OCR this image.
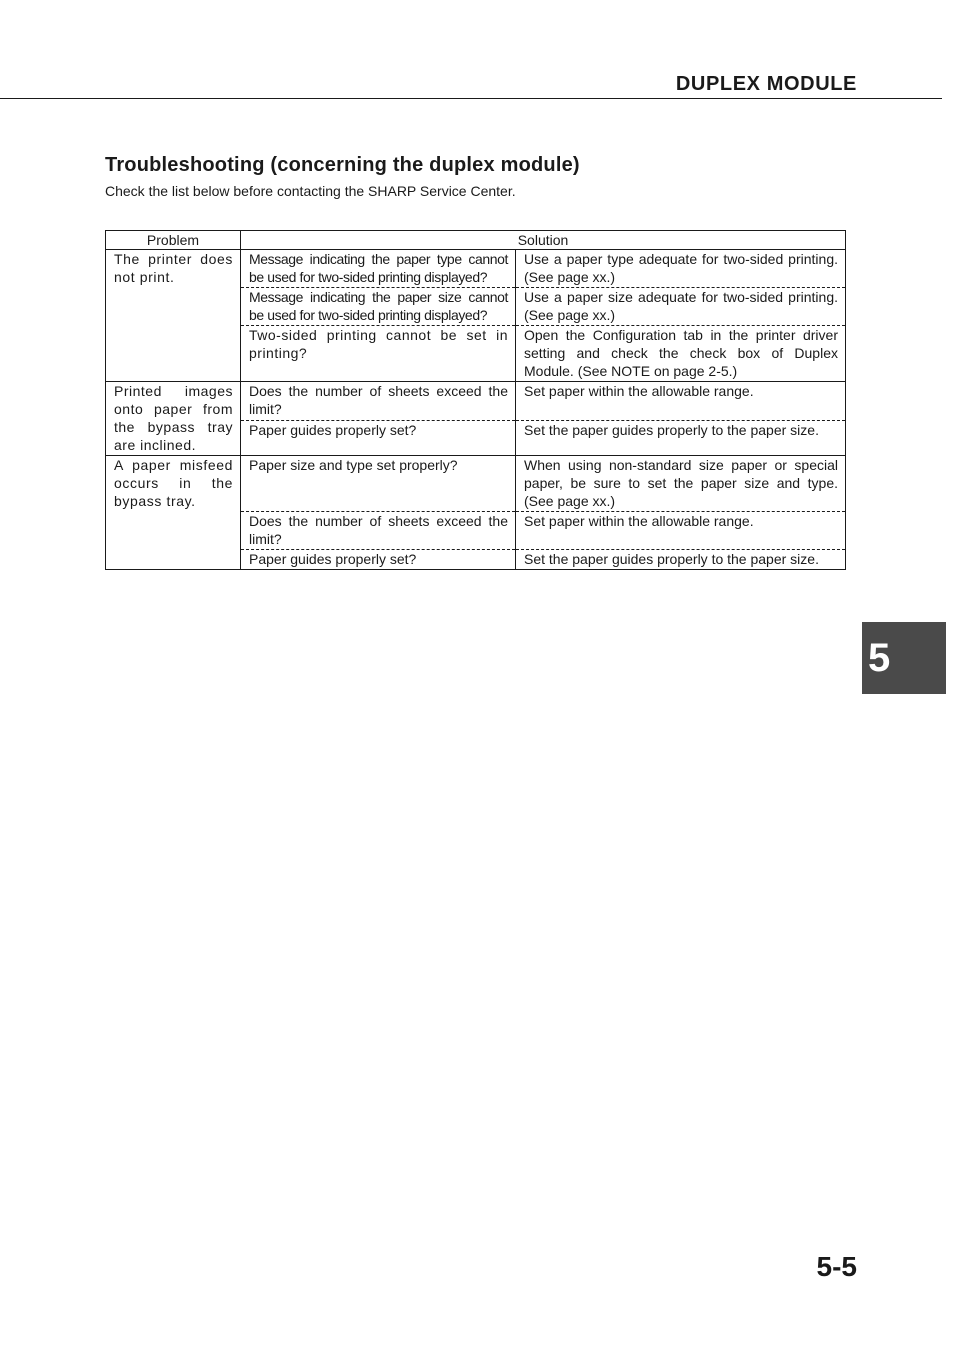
DUPLEX MODULE
Troubleshooting (concerning the duplex module)

Check the list below before contacting the SHARP Service Center.

Problem	Solution	
The printer does not print.	Message indicating the paper type cannot be used for two-sided printing displayed?	Use a paper type adequate for two-sided printing. (See page xx.)
	Message indicating the paper size cannot be used for two-sided printing displayed?	Use a paper size adequate for two-sided printing. (See page xx.)
	Two-sided printing cannot be set in printing?	Open the Configuration tab in the printer driver setting and check the check box of Duplex Module. (See NOTE on page 2-5.)
Printed images onto paper from the bypass tray are inclined.	Does the number of sheets exceed the limit?	Set paper within the allowable range.
	Paper guides properly set?	Set the paper guides properly to the paper size.
A paper misfeed occurs in the bypass tray.	Paper size and type set properly?	When using non-standard size paper or special paper, be sure to set the paper size and type. (See page xx.)
	Does the number of sheets exceed the limit?	Set paper within the allowable range.
	Paper guides properly set?	Set the paper guides properly to the paper size.
5
5-5
